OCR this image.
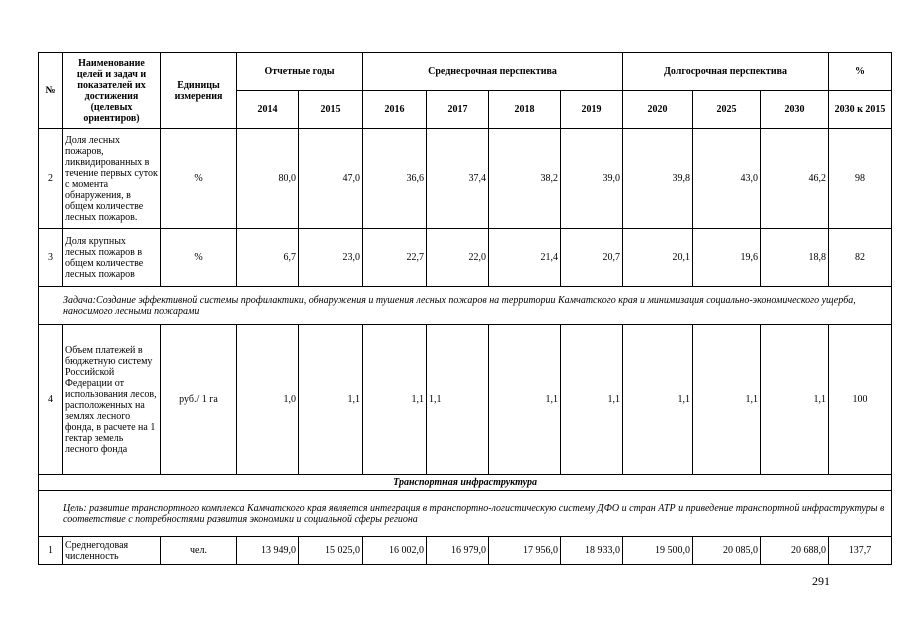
№	Наименование целей и задач и показателей их достижения (целевых ориентиров)	Единицы измерения	Отчетные годы		Среднесрочная перспектива				Долгосрочная перспектива			%
			2014	2015	2016	2017	2018	2019	2020	2025	2030	2030 к 2015
2	Доля лесных пожаров, ликвидированных в течение первых суток с момента обнаружения, в общем количестве лесных пожаров.	%	80,0	47,0	36,6	37,4	38,2	39,0	39,8	43,0	46,2	98
3	Доля крупных лесных пожаров в общем количестве лесных пожаров	%	6,7	23,0	22,7	22,0	21,4	20,7	20,1	19,6	18,8	82
Задача:Создание эффективной системы профилактики, обнаружения и тушения лесных пожаров на территории Камчатского края и минимизация социально-экономического ущерба, наносимого лесными пожарами												
4	Объем платежей в бюджетную систему Российской Федерации от использования лесов, расположенных на землях лесного фонда, в расчете на 1 гектар земель лесного фонда	руб./ 1 га	1,0	1,1	1,1	1,1	1,1	1,1	1,1	1,1	1,1	100
Транспортная инфраструктура												
Цель: развитие транспортного комплекса Камчатского края является интеграция в транспортно-логистическую систему ДФО и стран АТР и приведение транспортной инфраструктуры в соответствие с потребностями развития экономики и социальной сферы региона												
1	Среднегодовая численность	чел.	13 949,0	15 025,0	16 002,0	16 979,0	17 956,0	18 933,0	19 500,0	20 085,0	20 688,0	137,7
291
